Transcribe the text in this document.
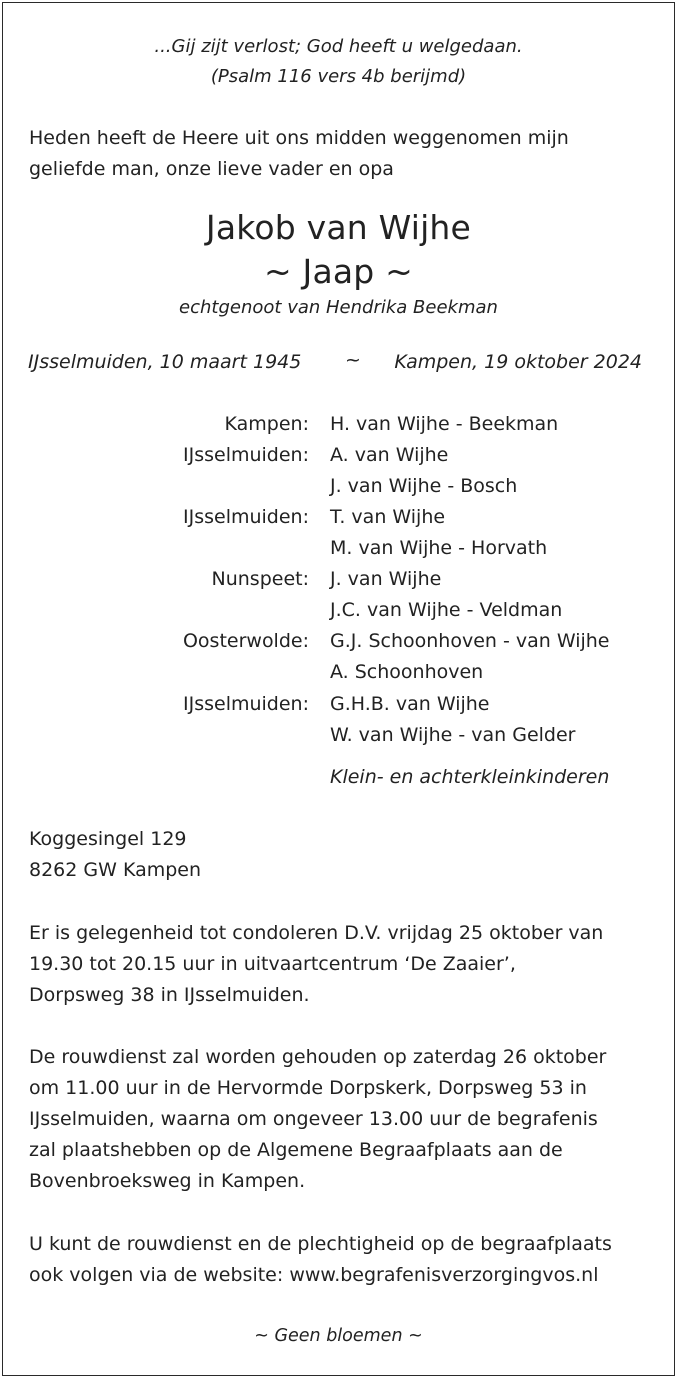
...Gij zijt verlost; God heeft u welgedaan.
(Psalm 116 vers 4b berijmd)
Heden heeft de Heere uit ons midden weggenomen mijn
geliefde man, onze lieve vader en opa
Jakob van Wijhe
~ Jaap ~
echtgenoot van Hendrika Beekman
IJsselmuiden, 10 maart 1945 ~ Kampen, 19 oktober 2024
Kampen: H. van Wijhe - Beekman
IJsselmuiden: A. van Wijhe
J. van Wijhe - Bosch
IJsselmuiden: T. van Wijhe
M. van Wijhe - Horvath
Nunspeet: J. van Wijhe
J.C. van Wijhe - Veldman
Oosterwolde: G.J. Schoonhoven - van Wijhe
A. Schoonhoven
IJsselmuiden: G.H.B. van Wijhe
W. van Wijhe - van Gelder
Klein- en achterkleinkinderen
Koggesingel 129
8262 GW Kampen
Er is gelegenheid tot condoleren D.V. vrijdag 25 oktober van
19.30 tot 20.15 uur in uitvaartcentrum ‘De Zaaier’,
Dorpsweg 38 in IJsselmuiden.
De rouwdienst zal worden gehouden op zaterdag 26 oktober
om 11.00 uur in de Hervormde Dorpskerk, Dorpsweg 53 in
IJsselmuiden, waarna om ongeveer 13.00 uur de begrafenis
zal plaatshebben op de Algemene Begraafplaats aan de
Bovenbroeksweg in Kampen.
U kunt de rouwdienst en de plechtigheid op de begraafplaats
ook volgen via de website: www.begrafenisverzorgingvos.nl
~ Geen bloemen ~
